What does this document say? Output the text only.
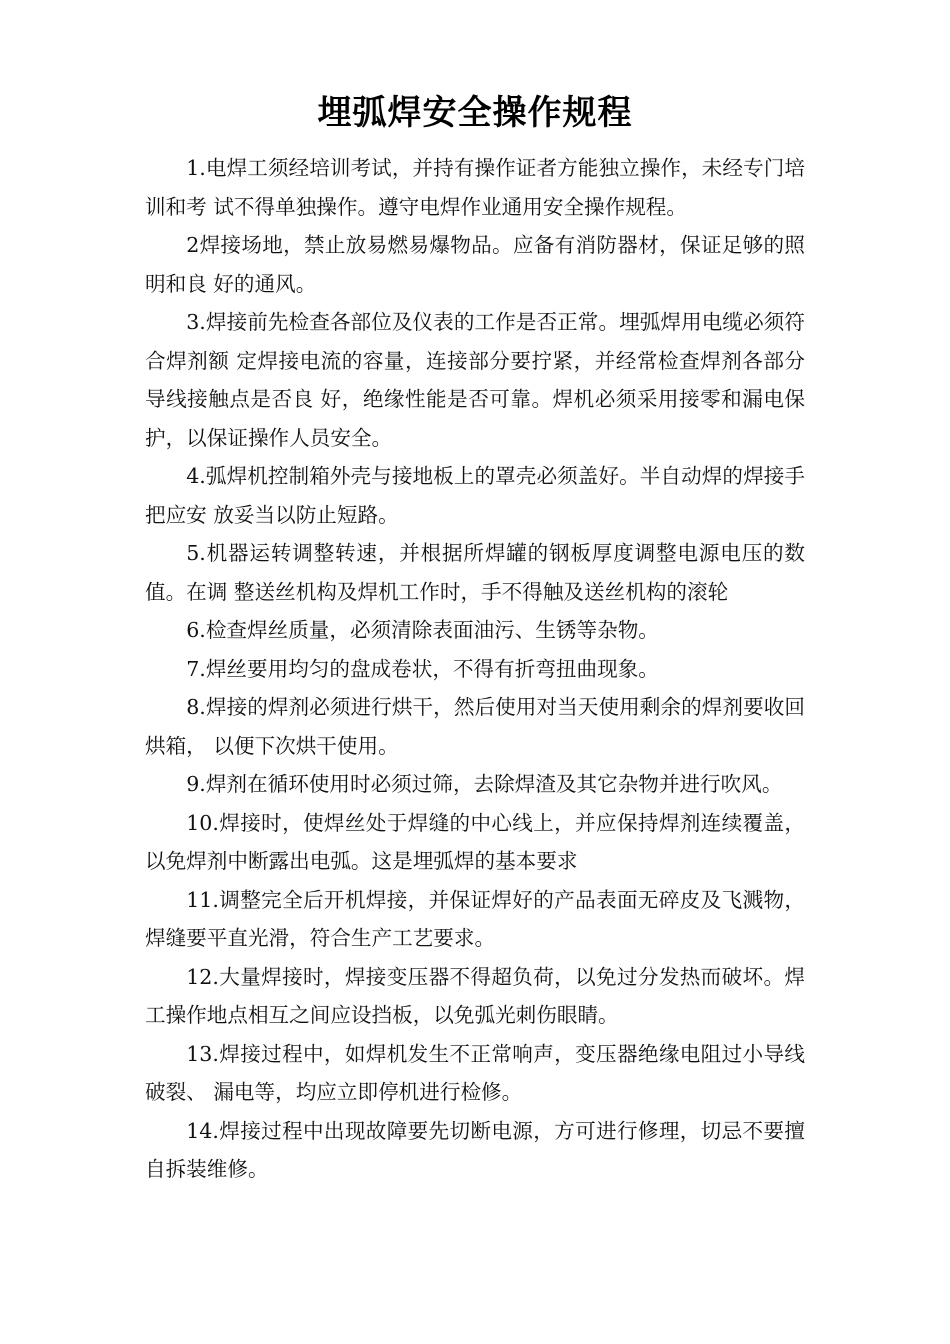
埋弧焊安全操作规程

1.电焊工须经培训考试，并持有操作证者方能独立操作，未经专门培训和考 试不得单独操作。遵守电焊作业通用安全操作规程。

2焊接场地，禁止放易燃易爆物品。应备有消防器材，保证足够的照明和良 好的通风。

3.焊接前先检查各部位及仪表的工作是否正常。埋弧焊用电缆必须符合焊剂额 定焊接电流的容量，连接部分要拧紧，并经常检查焊剂各部分导线接触点是否良 好，绝缘性能是否可靠。焊机必须采用接零和漏电保护，以保证操作人员安全。

4.弧焊机控制箱外壳与接地板上的罩壳必须盖好。半自动焊的焊接手把应安 放妥当以防止短路。

5.机器运转调整转速，并根据所焊罐的钢板厚度调整电源电压的数值。在调 整送丝机构及焊机工作时，手不得触及送丝机构的滚轮

6.检查焊丝质量，必须清除表面油污、生锈等杂物。

7.焊丝要用均匀的盘成卷状，不得有折弯扭曲现象。

8.焊接的焊剂必须进行烘干，然后使用对当天使用剩余的焊剂要收回烘箱， 以便下次烘干使用。

9.焊剂在循环使用时必须过筛，去除焊渣及其它杂物并进行吹风。

10.焊接时，使焊丝处于焊缝的中心线上，并应保持焊剂连续覆盖，以免焊剂中断露出电弧。这是埋弧焊的基本要求

11.调整完全后开机焊接，并保证焊好的产品表面无碎皮及飞溅物，焊缝要平直光滑，符合生产工艺要求。

12.大量焊接时，焊接变压器不得超负荷，以免过分发热而破坏。焊工操作地点相互之间应设挡板，以免弧光刺伤眼睛。

13.焊接过程中，如焊机发生不正常响声，变压器绝缘电阻过小导线破裂、 漏电等，均应立即停机进行检修。

14.焊接过程中出现故障要先切断电源，方可进行修理，切忌不要擅自拆装维修。
